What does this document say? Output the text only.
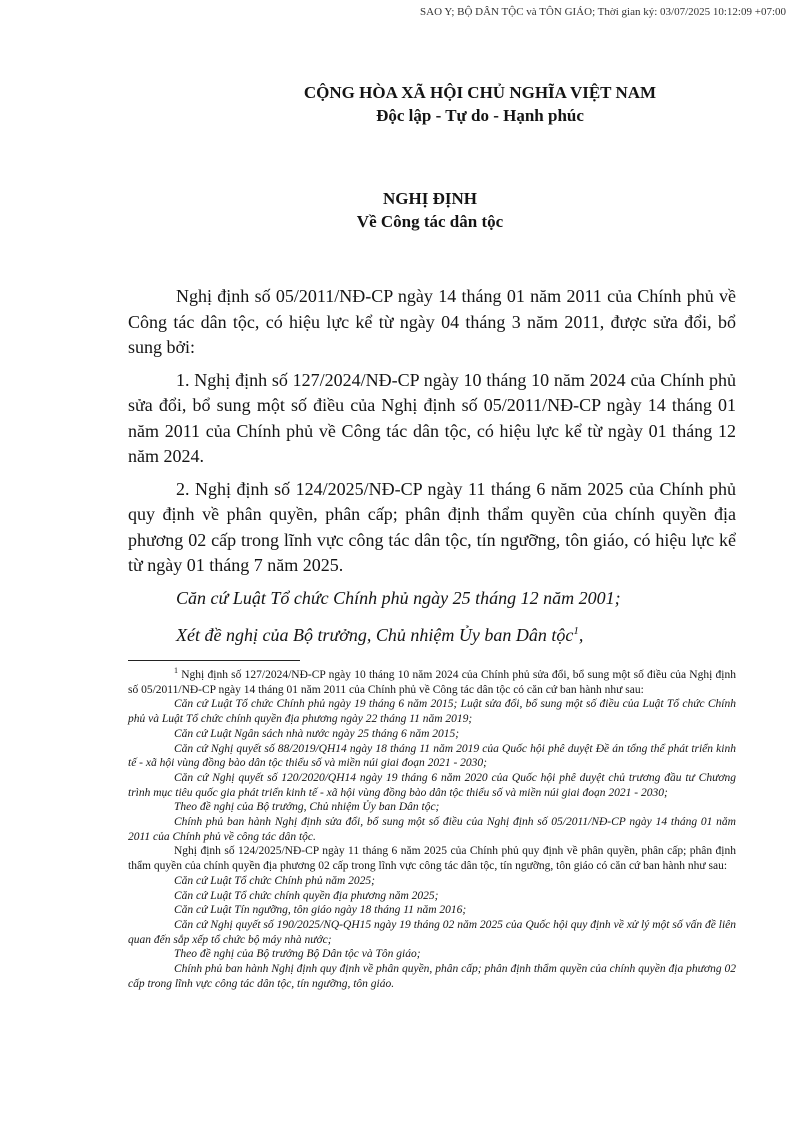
SAO Y; BỘ DÂN TỘC và TÔN GIÁO; Thời gian ký: 03/07/2025 10:12:09 +07:00
CỘNG HÒA XÃ HỘI CHỦ NGHĨA VIỆT NAM
Độc lập - Tự do - Hạnh phúc
NGHỊ ĐỊNH
Về Công tác dân tộc

Nghị định số 05/2011/NĐ-CP ngày 14 tháng 01 năm 2011 của Chính phủ về Công tác dân tộc, có hiệu lực kể từ ngày 04 tháng 3 năm 2011, được sửa đổi, bổ sung bởi:

1. Nghị định số 127/2024/NĐ-CP ngày 10 tháng 10 năm 2024 của Chính phủ sửa đổi, bổ sung một số điều của Nghị định số 05/2011/NĐ-CP ngày 14 tháng 01 năm 2011 của Chính phủ về Công tác dân tộc, có hiệu lực kể từ ngày 01 tháng 12 năm 2024.

2. Nghị định số 124/2025/NĐ-CP ngày 11 tháng 6 năm 2025 của Chính phủ quy định về phân quyền, phân cấp; phân định thẩm quyền của chính quyền địa phương 02 cấp trong lĩnh vực công tác dân tộc, tín ngưỡng, tôn giáo, có hiệu lực kể từ ngày 01 tháng 7 năm 2025.

Căn cứ Luật Tổ chức Chính phủ ngày 25 tháng 12 năm 2001;

Xét đề nghị của Bộ trưởng, Chủ nhiệm Ủy ban Dân tộc$^1$,

$^1$ Nghị định số 127/2024/NĐ-CP ngày 10 tháng 10 năm 2024 của Chính phủ sửa đổi, bổ sung một số điều của Nghị định số 05/2011/NĐ-CP ngày 14 tháng 01 năm 2011 của Chính phủ về Công tác dân tộc có căn cứ ban hành như sau:

Căn cứ Luật Tổ chức Chính phủ ngày 19 tháng 6 năm 2015; Luật sửa đổi, bổ sung một số điều của Luật Tổ chức Chính phủ và Luật Tổ chức chính quyền địa phương ngày 22 tháng 11 năm 2019;

Căn cứ Luật Ngân sách nhà nước ngày 25 tháng 6 năm 2015;

Căn cứ Nghị quyết số 88/2019/QH14 ngày 18 tháng 11 năm 2019 của Quốc hội phê duyệt Đề án tổng thể phát triển kinh tế - xã hội vùng đồng bào dân tộc thiểu số và miền núi giai đoạn 2021 - 2030;

Căn cứ Nghị quyết số 120/2020/QH14 ngày 19 tháng 6 năm 2020 của Quốc hội phê duyệt chủ trương đầu tư Chương trình mục tiêu quốc gia phát triển kinh tế - xã hội vùng đồng bào dân tộc thiểu số và miền núi giai đoạn 2021 - 2030;

Theo đề nghị của Bộ trưởng, Chủ nhiệm Ủy ban Dân tộc;

Chính phủ ban hành Nghị định sửa đổi, bổ sung một số điều của Nghị định số 05/2011/NĐ-CP ngày 14 tháng 01 năm 2011 của Chính phủ về công tác dân tộc.

Nghị định số 124/2025/NĐ-CP ngày 11 tháng 6 năm 2025 của Chính phủ quy định về phân quyền, phân cấp; phân định thẩm quyền của chính quyền địa phương 02 cấp trong lĩnh vực công tác dân tộc, tín ngưỡng, tôn giáo có căn cứ ban hành như sau:

Căn cứ Luật Tổ chức Chính phủ năm 2025;

Căn cứ Luật Tổ chức chính quyền địa phương năm 2025;

Căn cứ Luật Tín ngưỡng, tôn giáo ngày 18 tháng 11 năm 2016;

Căn cứ Nghị quyết số 190/2025/NQ-QH15 ngày 19 tháng 02 năm 2025 của Quốc hội quy định về xử lý một số vấn đề liên quan đến sắp xếp tổ chức bộ máy nhà nước;

Theo đề nghị của Bộ trưởng Bộ Dân tộc và Tôn giáo;

Chính phủ ban hành Nghị định quy định về phân quyền, phân cấp; phân định thẩm quyền của chính quyền địa phương 02 cấp trong lĩnh vực công tác dân tộc, tín ngưỡng, tôn giáo.
